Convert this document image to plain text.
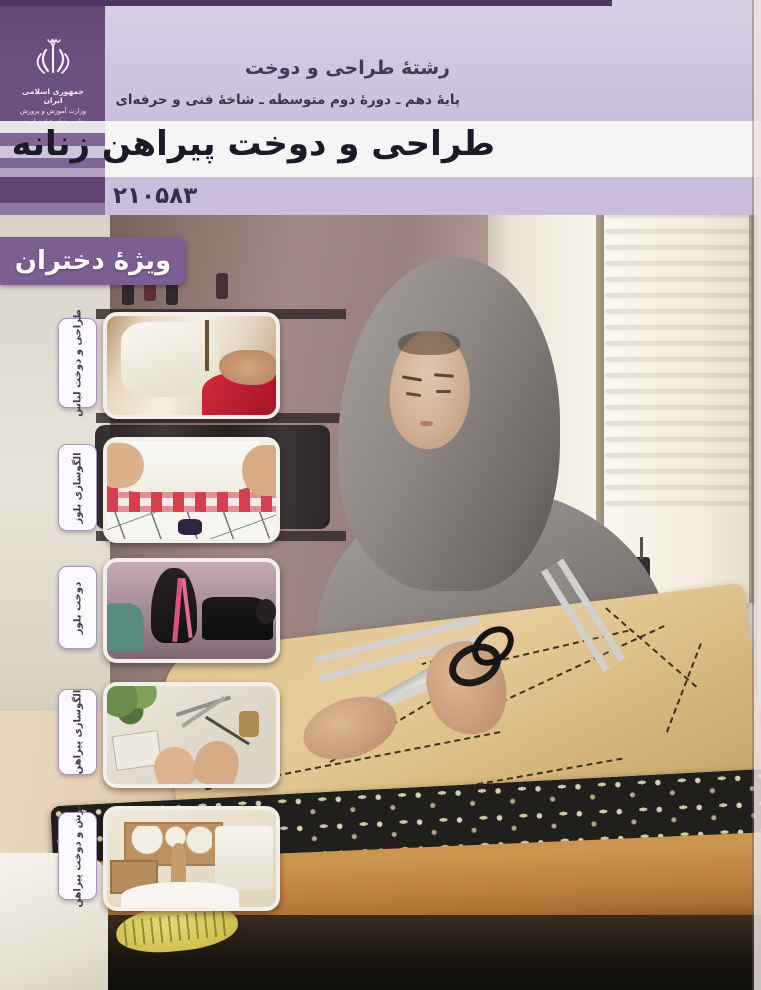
جمهوری اسلامی ایران
وزارت آموزش و پرورش
تعلیم و تعلم عبادت است
رشتهٔ طراحی و دوخت
پایهٔ دهم ـ دورهٔ دوم متوسطه ـ شاخهٔ فنی و حرفه‌ای
طراحی و دوخت پیراهن زنانه
۲۱۰۵۸۳
ویژهٔ دختران
طراحی و دوخت لباس
الگوسازی بلوز
دوخت بلوز
الگوسازی پیراهن
برش و دوخت پیراهن
